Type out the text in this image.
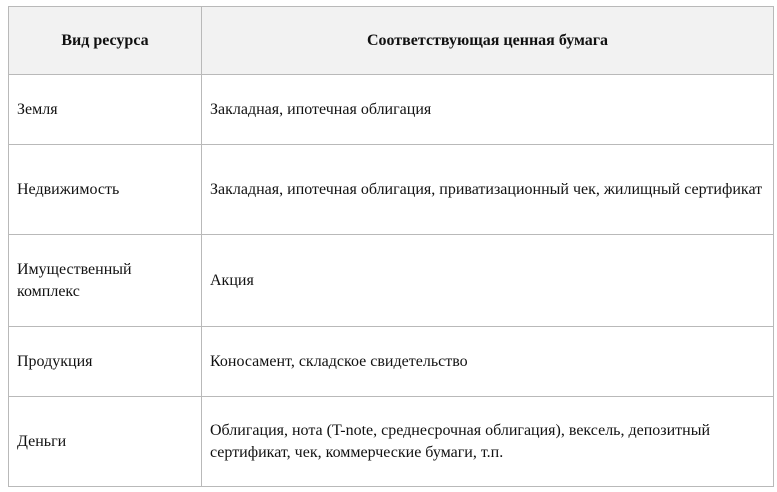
Вид ресурса	Соответствующая ценная бумага
Земля	Закладная, ипотечная облигация
Недвижимость	Закладная, ипотечная облигация, приватизационный чек, жилищный сертификат
Имущественный комплекс	Акция
Продукция	Коносамент, складское свидетельство
Деньги	Облигация, нота (T-note, среднесрочная облигация), вексель, депозитный сертификат, чек, коммерческие бумаги, т.п.
